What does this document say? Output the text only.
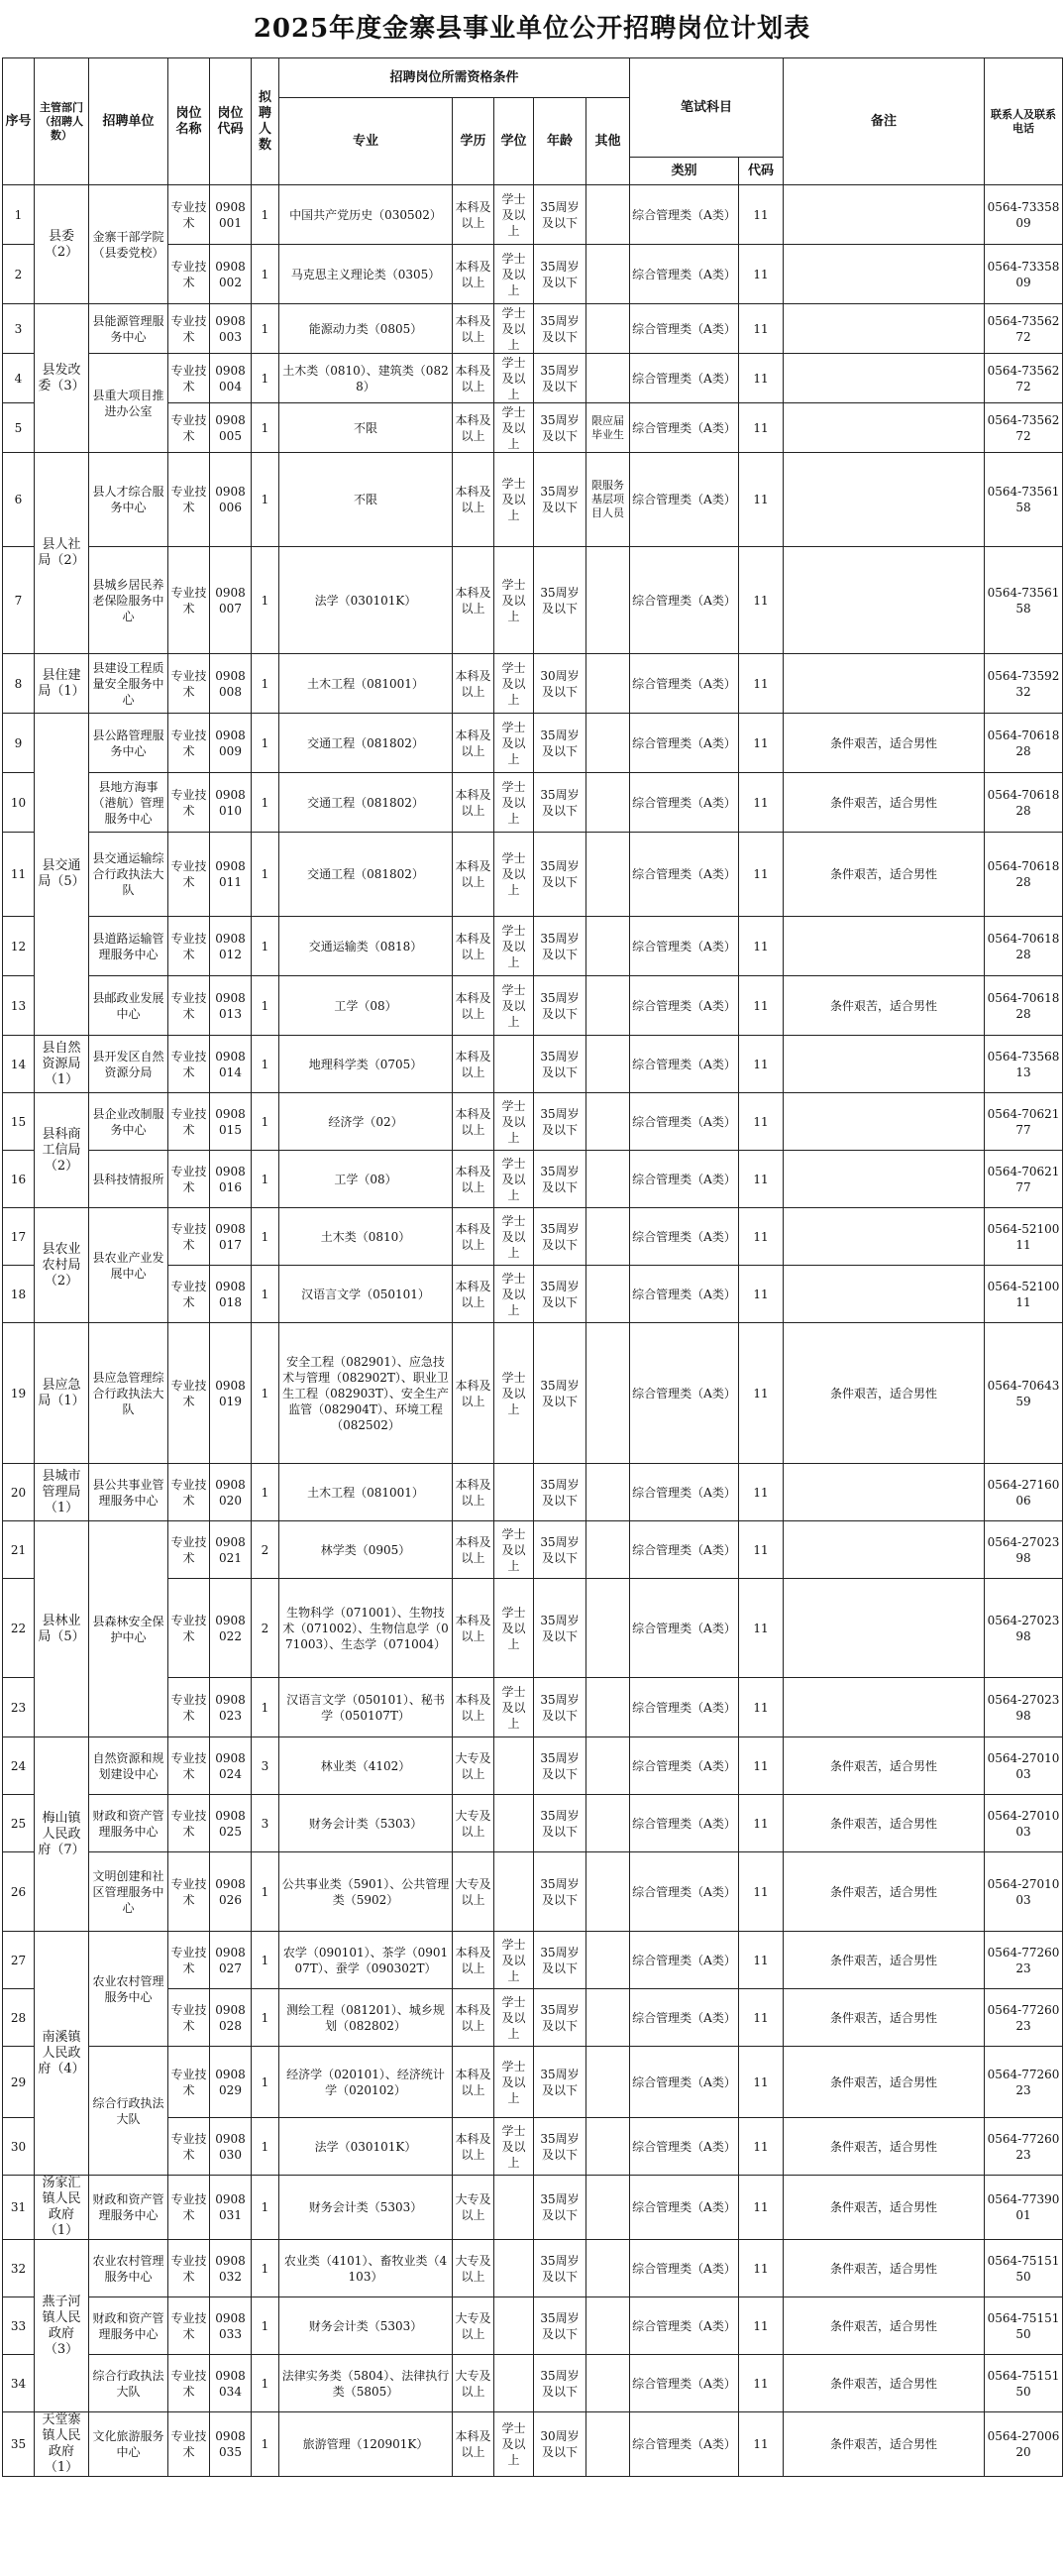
2025年度金寨县事业单位公开招聘岗位计划表
序号	主管部门（招聘人数）	招聘单位	岗位名称	岗位代码	拟聘人数	招聘岗位所需资格条件					笔试科目		备注	联系人及联系电话
						专业	学历	学位	年龄	其他				
											类别	代码		
1	县委（2）	金寨干部学院（县委党校）	专业技术	0908001	1	中国共产党历史（030502）	本科及以上	学士及以上	35周岁及以下		综合管理类（A类）	11		0564-7335809
2			专业技术	0908002	1	马克思主义理论类（0305）	本科及以上	学士及以上	35周岁及以下		综合管理类（A类）	11		0564-7335809
3	县发改委（3）	县能源管理服务中心	专业技术	0908003	1	能源动力类（0805）	本科及以上	学士及以上	35周岁及以下		综合管理类（A类）	11		0564-7356272
4		县重大项目推进办公室	专业技术	0908004	1	土木类（0810）、建筑类（0828）	本科及以上	学士及以上	35周岁及以下		综合管理类（A类）	11		0564-7356272
5			专业技术	0908005	1	不限	本科及以上	学士及以上	35周岁及以下	限应届毕业生	综合管理类（A类）	11		0564-7356272
6	县人社局（2）	县人才综合服务中心	专业技术	0908006	1	不限	本科及以上	学士及以上	35周岁及以下	限服务基层项目人员	综合管理类（A类）	11		0564-7356158
7		县城乡居民养老保险服务中心	专业技术	0908007	1	法学（030101K）	本科及以上	学士及以上	35周岁及以下		综合管理类（A类）	11		0564-7356158
8	县住建局（1）	县建设工程质量安全服务中心	专业技术	0908008	1	土木工程（081001）	本科及以上	学士及以上	30周岁及以下		综合管理类（A类）	11		0564-7359232
9	县交通局（5）	县公路管理服务中心	专业技术	0908009	1	交通工程（081802）	本科及以上	学士及以上	35周岁及以下		综合管理类（A类）	11	条件艰苦，适合男性	0564-7061828
10		县地方海事（港航）管理服务中心	专业技术	0908010	1	交通工程（081802）	本科及以上	学士及以上	35周岁及以下		综合管理类（A类）	11	条件艰苦，适合男性	0564-7061828
11		县交通运输综合行政执法大队	专业技术	0908011	1	交通工程（081802）	本科及以上	学士及以上	35周岁及以下		综合管理类（A类）	11	条件艰苦，适合男性	0564-7061828
12		县道路运输管理服务中心	专业技术	0908012	1	交通运输类（0818）	本科及以上	学士及以上	35周岁及以下		综合管理类（A类）	11		0564-7061828
13		县邮政业发展中心	专业技术	0908013	1	工学（08）	本科及以上	学士及以上	35周岁及以下		综合管理类（A类）	11	条件艰苦，适合男性	0564-7061828
14	县自然资源局（1）	县开发区自然资源分局	专业技术	0908014	1	地理科学类（0705）	本科及以上		35周岁及以下		综合管理类（A类）	11		0564-7356813
15	县科商工信局（2）	县企业改制服务中心	专业技术	0908015	1	经济学（02）	本科及以上	学士及以上	35周岁及以下		综合管理类（A类）	11		0564-7062177
16		县科技情报所	专业技术	0908016	1	工学（08）	本科及以上	学士及以上	35周岁及以下		综合管理类（A类）	11		0564-7062177
17	县农业农村局（2）	县农业产业发展中心	专业技术	0908017	1	土木类（0810）	本科及以上	学士及以上	35周岁及以下		综合管理类（A类）	11		0564-5210011
18			专业技术	0908018	1	汉语言文学（050101）	本科及以上	学士及以上	35周岁及以下		综合管理类（A类）	11		0564-5210011
19	县应急局（1）	县应急管理综合行政执法大队	专业技术	0908019	1	安全工程（082901）、应急技术与管理（082902T）、职业卫生工程（082903T）、安全生产监管（082904T）、环境工程（082502）	本科及以上	学士及以上	35周岁及以下		综合管理类（A类）	11	条件艰苦，适合男性	0564-7064359
20	县城市管理局（1）	县公共事业管理服务中心	专业技术	0908020	1	土木工程（081001）	本科及以上		35周岁及以下		综合管理类（A类）	11		0564-2716006
21	县林业局（5）	县森林安全保护中心	专业技术	0908021	2	林学类（0905）	本科及以上	学士及以上	35周岁及以下		综合管理类（A类）	11		0564-2702398
22			专业技术	0908022	2	生物科学（071001）、生物技术（071002）、生物信息学（071003）、生态学（071004）	本科及以上	学士及以上	35周岁及以下		综合管理类（A类）	11		0564-2702398
23			专业技术	0908023	1	汉语言文学（050101）、秘书学（050107T）	本科及以上	学士及以上	35周岁及以下		综合管理类（A类）	11		0564-2702398
24	梅山镇人民政府（7）	自然资源和规划建设中心	专业技术	0908024	3	林业类（4102）	大专及以上		35周岁及以下		综合管理类（A类）	11	条件艰苦，适合男性	0564-2701003
25		财政和资产管理服务中心	专业技术	0908025	3	财务会计类（5303）	大专及以上		35周岁及以下		综合管理类（A类）	11	条件艰苦，适合男性	0564-2701003
26		文明创建和社区管理服务中心	专业技术	0908026	1	公共事业类（5901）、公共管理类（5902）	大专及以上		35周岁及以下		综合管理类（A类）	11	条件艰苦，适合男性	0564-2701003
27	南溪镇人民政府（4）	农业农村管理服务中心	专业技术	0908027	1	农学（090101）、茶学（090107T）、蚕学（090302T）	本科及以上	学士及以上	35周岁及以下		综合管理类（A类）	11	条件艰苦，适合男性	0564-7726023
28			专业技术	0908028	1	测绘工程（081201）、城乡规划（082802）	本科及以上	学士及以上	35周岁及以下		综合管理类（A类）	11	条件艰苦，适合男性	0564-7726023
29		综合行政执法大队	专业技术	0908029	1	经济学（020101）、经济统计学（020102）	本科及以上	学士及以上	35周岁及以下		综合管理类（A类）	11	条件艰苦，适合男性	0564-7726023
30			专业技术	0908030	1	法学（030101K）	本科及以上	学士及以上	35周岁及以下		综合管理类（A类）	11	条件艰苦，适合男性	0564-7726023
31	汤家汇镇人民政府（1）	财政和资产管理服务中心	专业技术	0908031	1	财务会计类（5303）	大专及以上		35周岁及以下		综合管理类（A类）	11	条件艰苦，适合男性	0564-7739001
32	燕子河镇人民政府（3）	农业农村管理服务中心	专业技术	0908032	1	农业类（4101）、畜牧业类（4103）	大专及以上		35周岁及以下		综合管理类（A类）	11	条件艰苦，适合男性	0564-7515150
33		财政和资产管理服务中心	专业技术	0908033	1	财务会计类（5303）	大专及以上		35周岁及以下		综合管理类（A类）	11	条件艰苦，适合男性	0564-7515150
34		综合行政执法大队	专业技术	0908034	1	法律实务类（5804）、法律执行类（5805）	大专及以上		35周岁及以下		综合管理类（A类）	11	条件艰苦，适合男性	0564-7515150
35	天堂寨镇人民政府（1）	文化旅游服务中心	专业技术	0908035	1	旅游管理（120901K）	本科及以上	学士及以上	30周岁及以下		综合管理类（A类）	11	条件艰苦，适合男性	0564-2700620
